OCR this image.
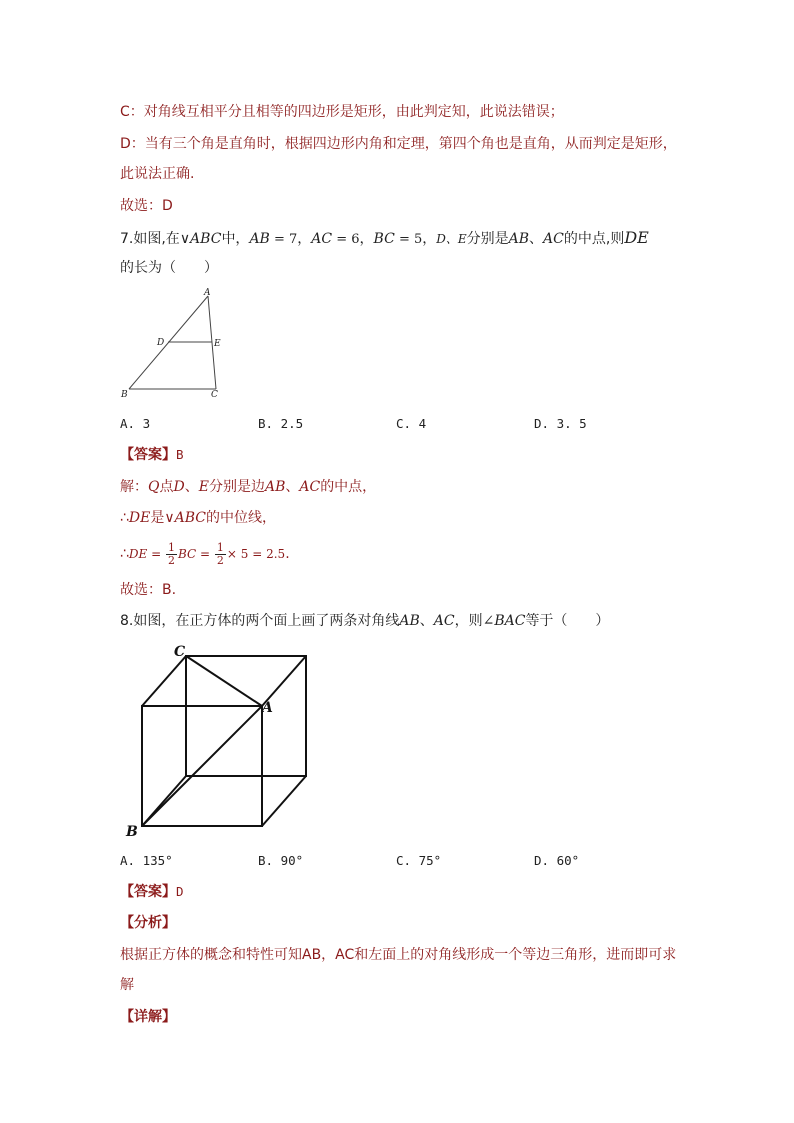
C：对角线互相平分且相等的四边形是矩形，由此判定知，此说法错误；
D：当有三个角是直角时，根据四边形内角和定理，第四个角也是直角，从而判定是矩形，
此说法正确.
故选：D
7.如图,在∨ABC中，AB = 7，AC = 6，BC = 5，D、E分别是AB、AC的中点,则DE
的长为（　　）
A
D	E
B	C
A. 3	B. 2.5	C. 4	D. 3. 5
【答案】B
解：Q点D、E分别是边AB、AC的中点，
∴DE是∨ABC的中位线，
∴DE = $\frac{1}{2}$ BC = $\frac{1}{2} \times 5 = 2.5$.
故选：B.
8.如图，在正方体的两个面上画了两条对角线AB、AC，则∠BAC等于（　　）
C
A
B
A. 135°	B. 90°	C. 75°	D. 60°
【答案】D
【分析】
根据正方体的概念和特性可知AB，AC和左面上的对角线形成一个等边三角形，进而即可求
解
【详解】
